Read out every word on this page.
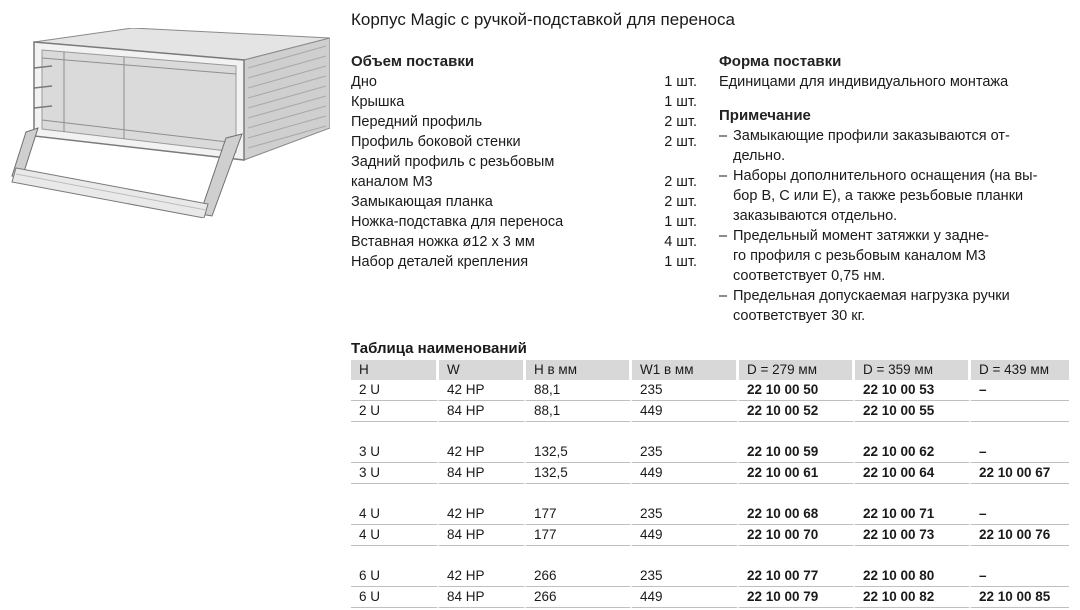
Корпус Magic с ручкой-подставкой для переноса
Объем поставки
Дно	1 шт.
Крышка	1 шт.
Передний профиль	2 шт.
Профиль боковой стенки	2 шт.
Задний профиль с резьбовым
каналом M3	2 шт.
Замыкающая планка	2 шт.
Ножка-подставка для переноса	1 шт.
Вставная ножка ø12 x 3 мм	4 шт.
Набор деталей крепления	1 шт.
Форма поставки
Единицами для индивидуального монтажа
Примечание
– Замыкающие профили заказываются от-
дельно.
– Наборы дополнительного оснащения (на вы-
бор B, C или E), а также резьбовые планки
заказываются отдельно.
– Предельный момент затяжки у задне-
го профиля с резьбовым каналом M3
соответствует 0,75 нм.
– Предельная допускаемая нагрузка ручки
соответствует 30 кг.
Таблица наименований
H	W	H в мм	W1 в мм	D = 279 мм	D = 359 мм	D = 439 мм
2 U	42 HP	88,1	235	22 10 00 50	22 10 00 53	–
2 U	84 HP	88,1	449	22 10 00 52	22 10 00 55	

3 U	42 HP	132,5	235	22 10 00 59	22 10 00 62	–
3 U	84 HP	132,5	449	22 10 00 61	22 10 00 64	22 10 00 67

4 U	42 HP	177	235	22 10 00 68	22 10 00 71	–
4 U	84 HP	177	449	22 10 00 70	22 10 00 73	22 10 00 76

6 U	42 HP	266	235	22 10 00 77	22 10 00 80	–
6 U	84 HP	266	449	22 10 00 79	22 10 00 82	22 10 00 85
